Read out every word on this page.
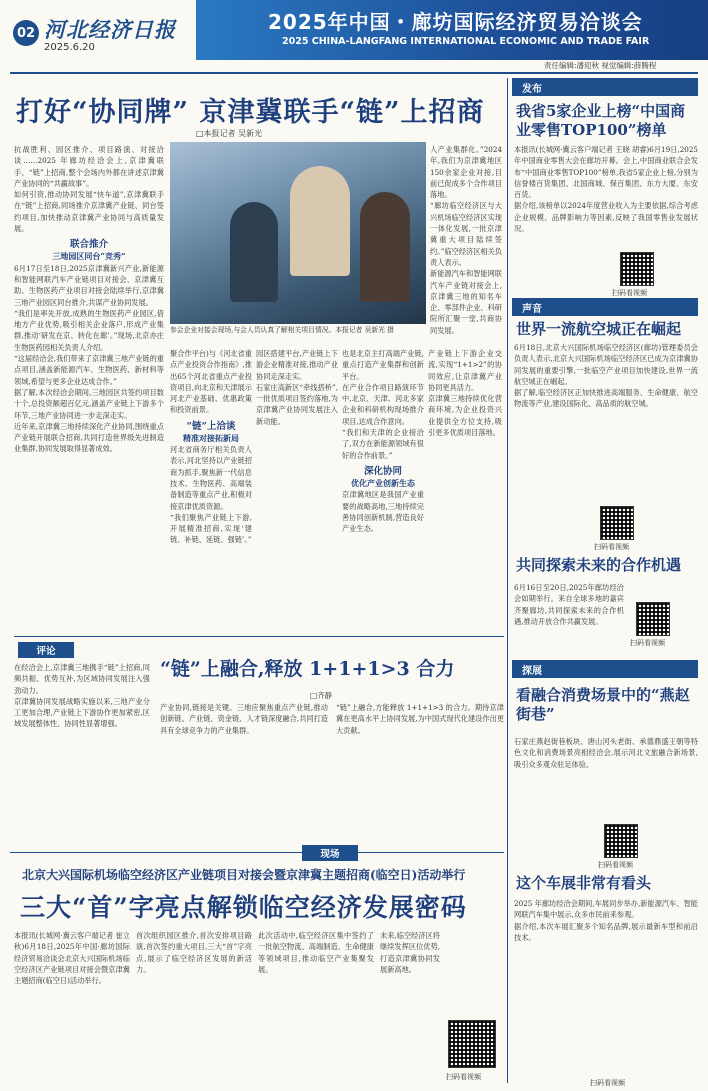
02 河北经济日报
2025.6.20
2025年中国・廊坊国际经济贸易洽谈会
2025 CHINA-LANGFANG INTERNATIONAL ECONOMIC AND TRADE FAIR
责任编辑:潘迎秋 视觉编辑:薛腾程
打好“协同牌” 京津冀联手“链”上招商
□本报记者 吴新光

抗战胜利、园区推介、项目路演、对接洽谈……2025 年廊坊经洽会上,京津冀联手、“链”上招商,整个会场内外都在讲述京津冀产业协同的“共赢故事”。

如何引资,推动协同发展“快车道”,京津冀联手在“链”上招商,同场推介京津冀产业链、同台签约项目,加快推动京津冀产业协同与高质量发展。

联合推介
三地园区同台“竞秀”

6月17日至18日,2025京津冀新兴产业,新能源和智能网联汽车产业链项目对接会、京津冀互助、生物医药产业项目对接会陆续举行,京津冀三地产业园区同台推介,共谋产业协同发展。

“我们是率先开放,成熟的生物医药产业园区,借地方产业优势,吸引相关企业落户,形成产业集群,推动‘研发在京、转化在廊’。”现场,北京亦庄生物医药园相关负责人介绍。

“这届经洽会,我们带来了京津冀三地产业链的重点项目,涵盖新能源汽车、生物医药、新材料等领域,希望与更多企业达成合作。”

据了解,本次经洽会期间,三地园区共签约项目数十个,总投资额超百亿元,涵盖产业链上下游多个环节,三地产业协同进一步走深走实。

近年来,京津冀三地持续深化产业协同,围绕重点产业链开展联合招商,共同打造世界级先进制造业集群,协同发展取得显著成效。

参会企业对接会现场,与会人员认真了解相关项目情况。本报记者 吴新光 摄

人产业集群化。”2024年,我们为京津冀地区150余家企业对接,目前已促成多个合作项目落地。

“廊坊临空经济区与大兴机场临空经济区实现一体化发展,一批京津冀重大项目陆续签约。”临空经济区相关负责人表示。

新能源汽车和智能网联汽车产业链对接会上,京津冀三地的知名车企、零部件企业、科研院所汇聚一堂,共商协同发展。

聚合作平台)与《河北省重点产业投资合作指南》,推出65个河北省重点产业投资项目,向北京和天津展示河北产业基础、优惠政策和投资前景。

“链”上洽谈
精准对接拓新局

河北省商务厅相关负责人表示,河北坚持以产业链招商为抓手,聚焦新一代信息技术、生物医药、高端装备制造等重点产业,积极对接京津优质资源。

“我们聚焦产业链上下游,开展精准招商,实现‘建链、补链、延链、强链’。”

园区搭建平台,产业链上下游企业精准对接,推动产业协同走深走实。

石家庄高新区“牵线搭桥”,一批优质项目签约落地,为京津冀产业协同发展注入新动能。

也是北京主打高端产业链,重点打造产业集群和创新平台。

在产业合作项目路演环节中,北京、天津、河北多家企业和科研机构现场推介项目,达成合作意向。

“我们和天津的企业接洽了,双方在新能源领域有很好的合作前景。”

深化协同
优化产业创新生态

京津冀地区是我国产业重要的战略高地,三地持续完善协同创新机制,营造良好产业生态。

产业链上下游企业交流,实现“1+1>2”的协同效应,让京津冀产业协同更具活力。

京津冀三地持续优化营商环境,为企业投资兴业提供全方位支持,吸引更多优质项目落地。

评论
“链”上融合,释放 1+1+1>3 合力
□齐静

在经洽会上,京津冀三地携手“链”上招商,同频共振、优势互补,为区域协同发展注入强劲动力。

京津冀协同发展战略实施以来,三地产业分工更加合理,产业链上下游协作更加紧密,区域发展整体性、协同性显著增强。

产业协同,链接是关键。三地应聚焦重点产业链,推动创新链、产业链、资金链、人才链深度融合,共同打造具有全球竞争力的产业集群。

“链”上融合,方能释放 1+1+1>3 的合力。期待京津冀在更高水平上协同发展,为中国式现代化建设作出更大贡献。

现场
北京大兴国际机场临空经济区产业链项目对接会暨京津冀主题招商(临空日)活动举行
三大“首”字亮点解锁临空经济发展密码

本报讯(长城网·冀云客户端记者 崔立秋)6月18日,2025年中国·廊坊国际经济贸易洽谈会北京大兴国际机场临空经济区产业链项目对接会暨京津冀主题招商(临空日)活动举行。

首次组织园区推介,首次安排项目路演,首次签约重大项目,三大“首”字亮点,展示了临空经济区发展的新活力。

此次活动中,临空经济区集中签约了一批航空物流、高端制造、生命健康等领域项目,推动临空产业集聚发展。

未来,临空经济区将继续发挥区位优势,打造京津冀协同发展新高地。

扫码看视频
发布
我省5家企业上榜“中国商业零售TOP100”榜单

本报讯(长城网·冀云客户端记者 王晓 胡睿)6月19日,2025年中国商业零售大会在廊坊开幕。会上,中国商业联合会发布“中国商业零售TOP100”榜单,我省5家企业上榜,分别为信誉楼百货集团、北国商城、保百集团、东方大厦、东安百货。

据介绍,该榜单以2024年度营业收入为主要依据,综合考虑企业规模、品牌影响力等因素,反映了我国零售业发展状况。

扫码看视频
声音
世界一流航空城正在崛起

6月18日,北京大兴国际机场临空经济区(廊坊)管理委员会负责人表示,北京大兴国际机场临空经济区已成为京津冀协同发展的重要引擎,一批临空产业项目加快建设,世界一流航空城正在崛起。

据了解,临空经济区正加快推进高端服务、生命健康、航空物流等产业,建设国际化、高品质的航空城。

扫码看视频
共同探索未来的合作机遇

6月16日至20日,2025年廊坊经洽会如期举行。来自全球多地的嘉宾齐聚廊坊,共同探索未来的合作机遇,推动开放合作共赢发展。

扫码看视频
探展
看融合消费场景中的“燕赵街巷”

石家庄燕赵街巷板块、唐山河头老街、承德鼎盛王朝等特色文化和消费场景亮相经洽会,展示河北文旅融合新场景,吸引众多观众驻足体验。

扫码看视频
这个车展非常有看头

2025 年廊坊经洽会期间,车展同步举办,新能源汽车、智能网联汽车集中展示,众多市民前来参观。

据介绍,本次车展汇聚多个知名品牌,展示最新车型和前沿技术。

扫码看视频
